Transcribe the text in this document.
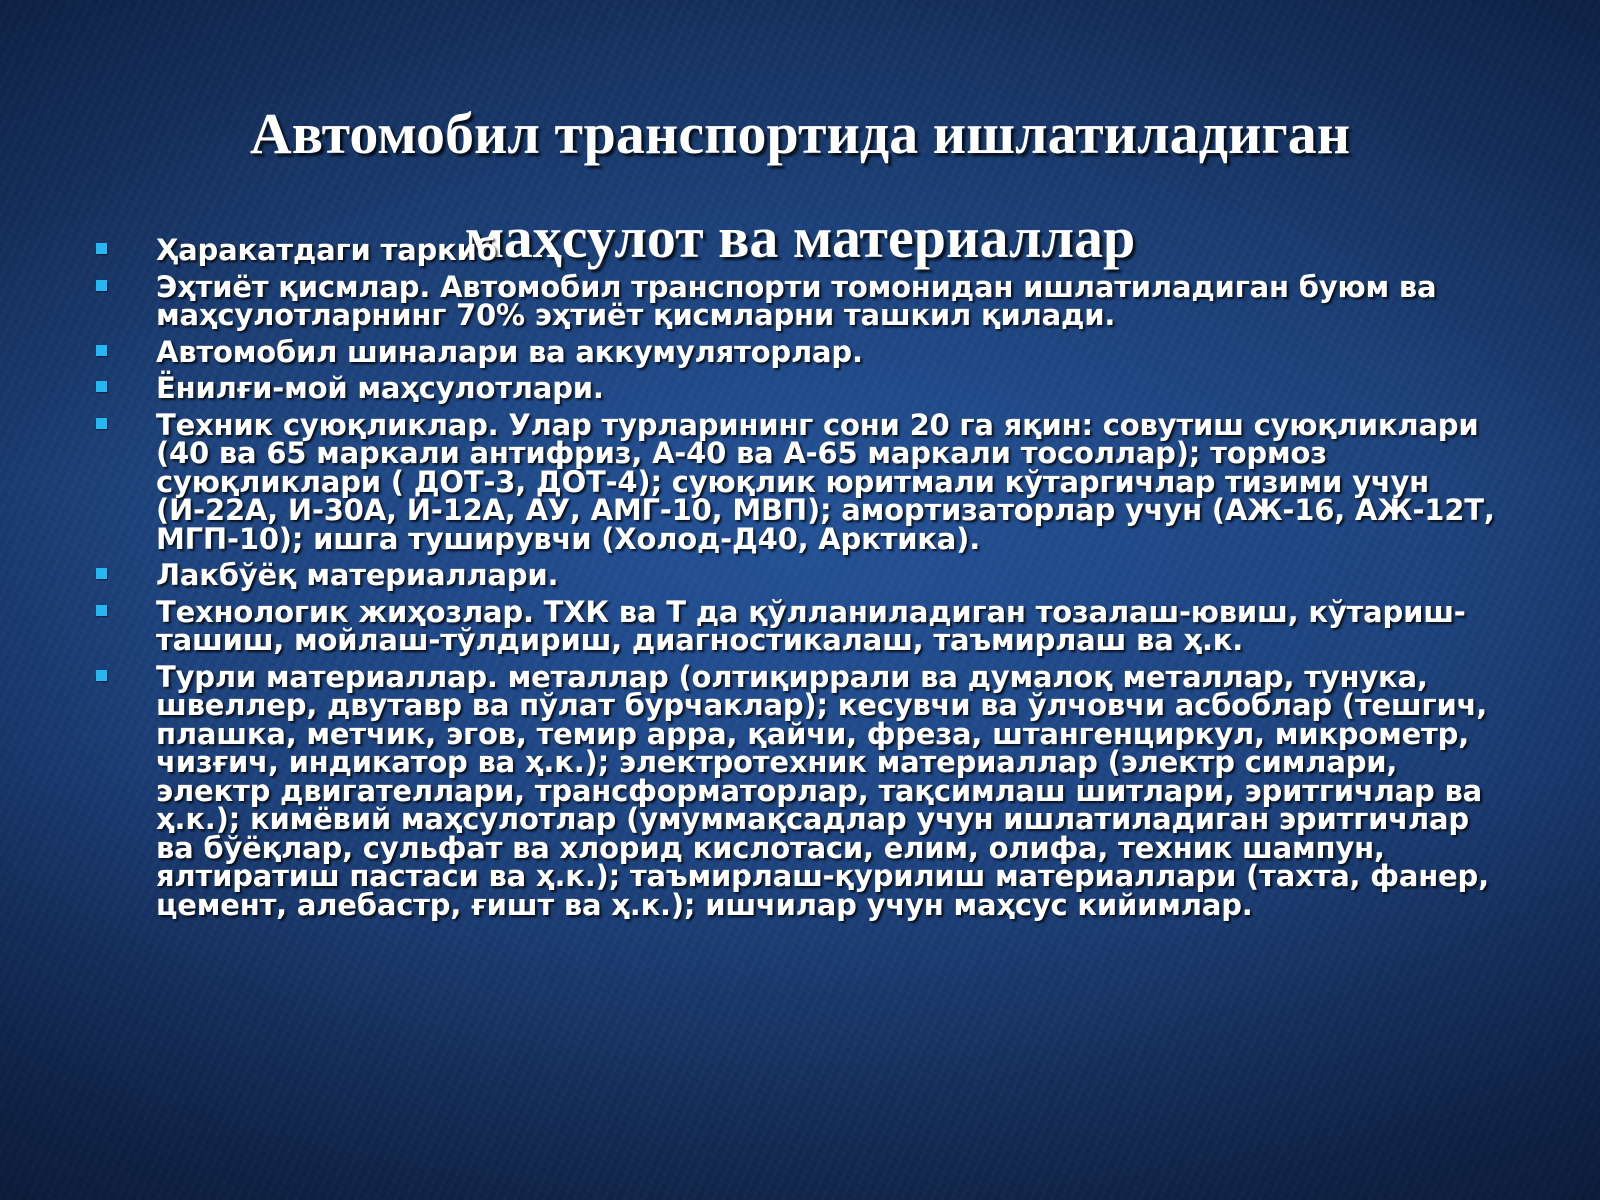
Автомобил транспортида ишлатиладиган маҳсулот ва материаллар
Ҳаракатдаги таркиб
Эҳтиёт қисмлар. Автомобил транспорти томонидан ишлатиладиган буюм ва маҳсулотларнинг 70% эҳтиёт қисмларни ташкил қилади.
Автомобил шиналари ва аккумуляторлар.
Ёнилғи-мой маҳсулотлари.
Техник суюқликлар. Улар турларининг сони 20 га яқин: совутиш суюқликлари (40 ва 65 маркали антифриз, А-40 ва А-65 маркали тосоллар); тормоз суюқликлари ( ДОТ-3, ДОТ-4); суюқлик юритмали кўтаргичлар тизими учун (И-22А, И-30А, И-12А, АУ, АМГ-10, МВП); амортизаторлар учун (АЖ-16, АЖ-12Т, МГП-10); ишга туширувчи (Холод-Д40, Арктика).
Лакбўёқ материаллари.
Технологик жиҳозлар. ТХК ва Т да қўлланиладиган тозалаш-ювиш, кўтариш-ташиш, мойлаш-тўлдириш, диагностикалаш, таъмирлаш ва ҳ.к.
Турли материаллар. металлар (олтиқиррали ва думалоқ металлар, тунука, швеллер, двутавр ва пўлат бурчаклар); кесувчи ва ўлчовчи асбоблар (тешгич, плашка, метчик, эгов, темир арра, қайчи, фреза, штангенциркул, микрометр, чизғич, индикатор ва ҳ.к.); электротехник материаллар (электр симлари, электр двигателлари, трансформаторлар, тақсимлаш шитлари, эритгичлар ва ҳ.к.); кимёвий маҳсулотлар (умуммақсадлар учун ишлатиладиган эритгичлар ва бўёқлар, сульфат ва хлорид кислотаси, елим, олифа, техник шампун, ялтиратиш пастаси ва ҳ.к.); таъмирлаш-қурилиш материаллари (тахта, фанер, цемент, алебастр, ғишт ва ҳ.к.); ишчилар учун маҳсус кийимлар.
